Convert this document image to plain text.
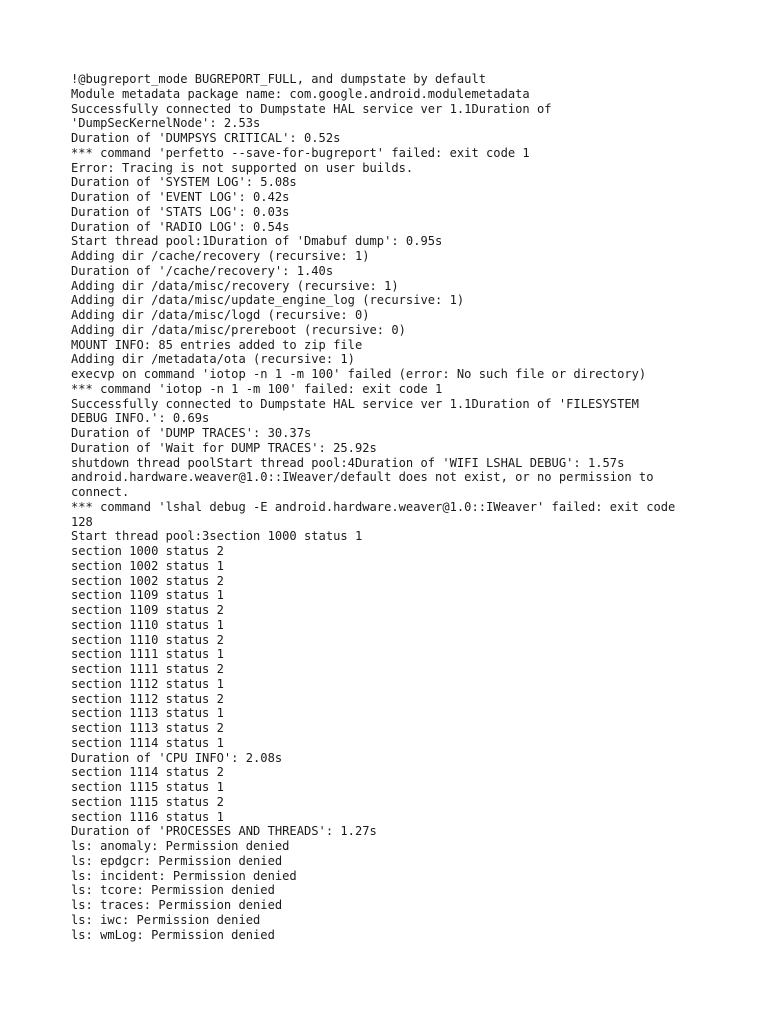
!@bugreport_mode BUGREPORT_FULL, and dumpstate by default
Module metadata package name: com.google.android.modulemetadata
Successfully connected to Dumpstate HAL service ver 1.1Duration of
'DumpSecKernelNode': 2.53s
Duration of 'DUMPSYS CRITICAL': 0.52s
*** command 'perfetto --save-for-bugreport' failed: exit code 1
Error: Tracing is not supported on user builds.
Duration of 'SYSTEM LOG': 5.08s
Duration of 'EVENT LOG': 0.42s
Duration of 'STATS LOG': 0.03s
Duration of 'RADIO LOG': 0.54s
Start thread pool:1Duration of 'Dmabuf dump': 0.95s
Adding dir /cache/recovery (recursive: 1)
Duration of '/cache/recovery': 1.40s
Adding dir /data/misc/recovery (recursive: 1)
Adding dir /data/misc/update_engine_log (recursive: 1)
Adding dir /data/misc/logd (recursive: 0)
Adding dir /data/misc/prereboot (recursive: 0)
MOUNT INFO: 85 entries added to zip file
Adding dir /metadata/ota (recursive: 1)
execvp on command 'iotop -n 1 -m 100' failed (error: No such file or directory)
*** command 'iotop -n 1 -m 100' failed: exit code 1
Successfully connected to Dumpstate HAL service ver 1.1Duration of 'FILESYSTEM
DEBUG INFO.': 0.69s
Duration of 'DUMP TRACES': 30.37s
Duration of 'Wait for DUMP TRACES': 25.92s
shutdown thread poolStart thread pool:4Duration of 'WIFI LSHAL DEBUG': 1.57s
android.hardware.weaver@1.0::IWeaver/default does not exist, or no permission to
connect.
*** command 'lshal debug -E android.hardware.weaver@1.0::IWeaver' failed: exit code
128
Start thread pool:3section 1000 status 1
section 1000 status 2
section 1002 status 1
section 1002 status 2
section 1109 status 1
section 1109 status 2
section 1110 status 1
section 1110 status 2
section 1111 status 1
section 1111 status 2
section 1112 status 1
section 1112 status 2
section 1113 status 1
section 1113 status 2
section 1114 status 1
Duration of 'CPU INFO': 2.08s
section 1114 status 2
section 1115 status 1
section 1115 status 2
section 1116 status 1
Duration of 'PROCESSES AND THREADS': 1.27s
ls: anomaly: Permission denied
ls: epdgcr: Permission denied
ls: incident: Permission denied
ls: tcore: Permission denied
ls: traces: Permission denied
ls: iwc: Permission denied
ls: wmLog: Permission denied
